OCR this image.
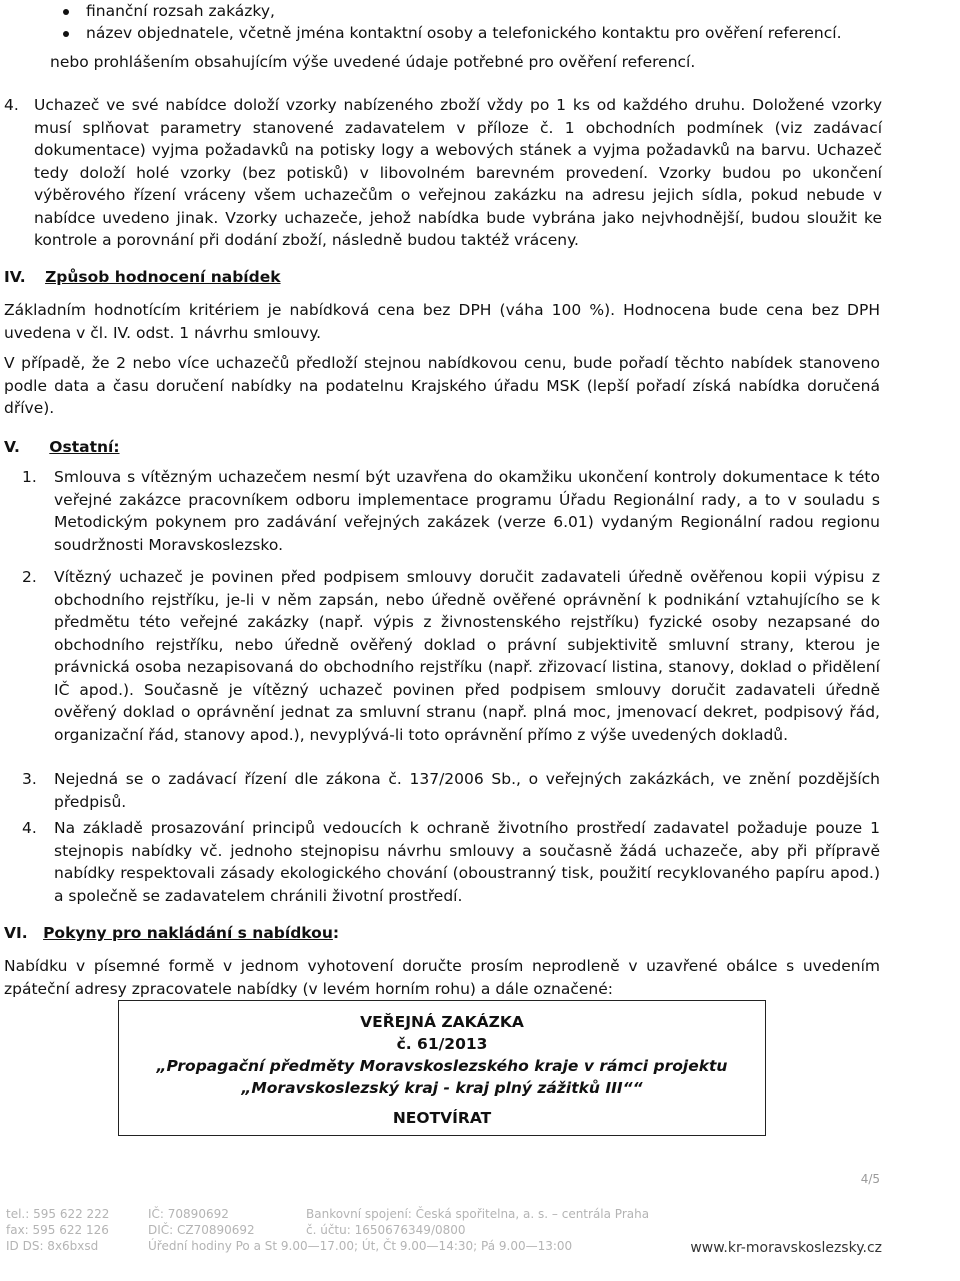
finanční rozsah zakázky,
název objednatele, včetně jména kontaktní osoby a telefonického kontaktu pro ověření referencí.
nebo prohlášením obsahujícím výše uvedené údaje potřebné pro ověření referencí.
4. Uchazeč ve své nabídce doloží vzorky nabízeného zboží vždy po 1 ks od každého druhu. Doložené vzorky musí splňovat parametry stanovené zadavatelem v příloze č. 1 obchodních podmínek (viz zadávací dokumentace) vyjma požadavků na potisky logy a webových stánek a vyjma požadavků na barvu. Uchazeč tedy doloží holé vzorky (bez potisků) v libovolném barevném provedení. Vzorky budou po ukončení výběrového řízení vráceny všem uchazečům o veřejnou zakázku na adresu jejich sídla, pokud nebude v nabídce uvedeno jinak. Vzorky uchazeče, jehož nabídka bude vybrána jako nejvhodnější, budou sloužit ke kontrole a porovnání při dodání zboží, následně budou taktéž vráceny.
IV. Způsob hodnocení nabídek
Základním hodnotícím kritériem je nabídková cena bez DPH (váha 100 %). Hodnocena bude cena bez DPH uvedena v čl. IV. odst. 1 návrhu smlouvy.
V případě, že 2 nebo více uchazečů předloží stejnou nabídkovou cenu, bude pořadí těchto nabídek stanoveno podle data a času doručení nabídky na podatelnu Krajského úřadu MSK (lepší pořadí získá nabídka doručená dříve).
V. Ostatní:
1. Smlouva s vítězným uchazečem nesmí být uzavřena do okamžiku ukončení kontroly dokumentace k této veřejné zakázce pracovníkem odboru implementace programu Úřadu Regionální rady, a to v souladu s Metodickým pokynem pro zadávání veřejných zakázek (verze 6.01) vydaným Regionální radou regionu soudržnosti Moravskoslezsko.
2. Vítězný uchazeč je povinen před podpisem smlouvy doručit zadavateli úředně ověřenou kopii výpisu z obchodního rejstříku, je-li v něm zapsán, nebo úředně ověřené oprávnění k podnikání vztahujícího se k předmětu této veřejné zakázky (např. výpis z živnostenského rejstříku) fyzické osoby nezapsané do obchodního rejstříku, nebo úředně ověřený doklad o právní subjektivitě smluvní strany, kterou je právnická osoba nezapisovaná do obchodního rejstříku (např. zřizovací listina, stanovy, doklad o přidělení IČ apod.). Současně je vítězný uchazeč povinen před podpisem smlouvy doručit zadavateli úředně ověřený doklad o oprávnění jednat za smluvní stranu (např. plná moc, jmenovací dekret, podpisový řád, organizační řád, stanovy apod.), nevyplývá-li toto oprávnění přímo z výše uvedených dokladů.
3. Nejedná se o zadávací řízení dle zákona č. 137/2006 Sb., o veřejných zakázkách, ve znění pozdějších předpisů.
4. Na základě prosazování principů vedoucích k ochraně životního prostředí zadavatel požaduje pouze 1 stejnopis nabídky vč. jednoho stejnopisu návrhu smlouvy a současně žádá uchazeče, aby při přípravě nabídky respektovali zásady ekologického chování (oboustranný tisk, použití recyklovaného papíru apod.) a společně se zadavatelem chránili životní prostředí.
VI. Pokyny pro nakládání s nabídkou:
Nabídku v písemné formě v jednom vyhotovení doručte prosím neprodleně v uzavřené obálce s uvedením zpáteční adresy zpracovatele nabídky (v levém horním rohu) a dále označené:
VEŘEJNÁ ZAKÁZKA
č. 61/2013
„Propagační předměty Moravskoslezského kraje v rámci projektu
„Moravskoslezský kraj - kraj plný zážitků III““
NEOTVÍRAT
4/5
tel.: 595 622 222
fax: 595 622 126
ID DS: 8x6bxsd
IČ: 70890692
DIČ: CZ70890692
Úřední hodiny Po a St 9.00—17.00; Út, Čt 9.00—14:30; Pá 9.00—13:00
Bankovní spojení: Česká spořitelna, a. s. – centrála Praha
č. účtu: 1650676349/0800
www.kr-moravskoslezsky.cz
